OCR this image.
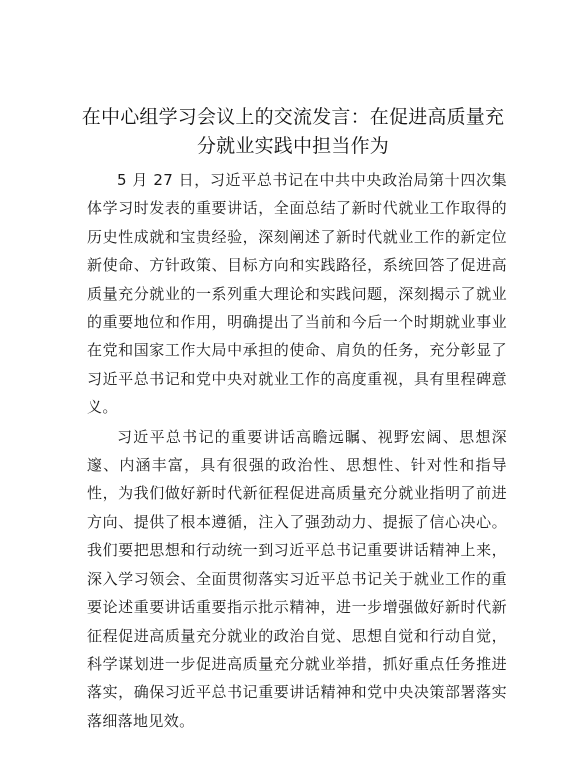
在中心组学习会议上的交流发言：在促进高质量充分就业实践中担当作为

5 月 27 日，习近平总书记在中共中央政治局第十四次集体学习时发表的重要讲话，全面总结了新时代就业工作取得的历史性成就和宝贵经验，深刻阐述了新时代就业工作的新定位新使命、方针政策、目标方向和实践路径，系统回答了促进高质量充分就业的一系列重大理论和实践问题，深刻揭示了就业的重要地位和作用，明确提出了当前和今后一个时期就业事业在党和国家工作大局中承担的使命、肩负的任务，充分彰显了习近平总书记和党中央对就业工作的高度重视，具有里程碑意义。

习近平总书记的重要讲话高瞻远瞩、视野宏阔、思想深邃、内涵丰富，具有很强的政治性、思想性、针对性和指导性，为我们做好新时代新征程促进高质量充分就业指明了前进方向、提供了根本遵循，注入了强劲动力、提振了信心决心。我们要把思想和行动统一到习近平总书记重要讲话精神上来，深入学习领会、全面贯彻落实习近平总书记关于就业工作的重要论述重要讲话重要指示批示精神，进一步增强做好新时代新征程促进高质量充分就业的政治自觉、思想自觉和行动自觉，科学谋划进一步促进高质量充分就业举措，抓好重点任务推进落实，确保习近平总书记重要讲话精神和党中央决策部署落实落细落地见效。
